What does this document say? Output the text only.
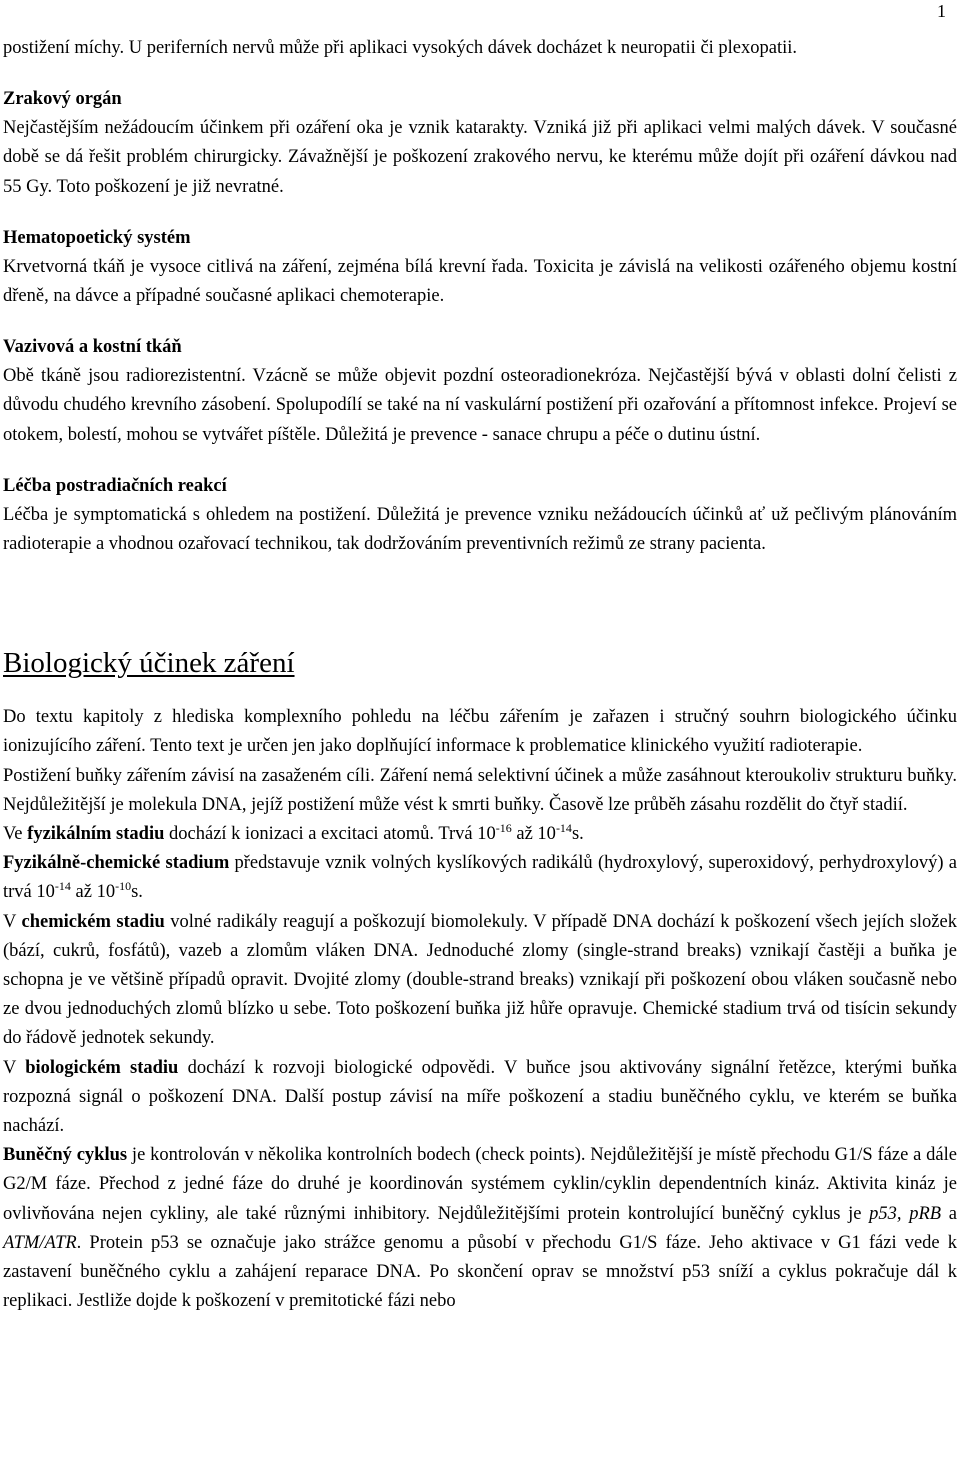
1

postižení míchy. U periferních nervů může při aplikaci vysokých dávek docházet k neuropatii či plexopatii.

Zrakový orgán

Nejčastějším nežádoucím účinkem při ozáření oka je vznik katarakty. Vzniká již při aplikaci velmi malých dávek. V současné době se dá řešit problém chirurgicky. Závažnější je poškození zrakového nervu, ke kterému může dojít při ozáření dávkou nad 55 Gy. Toto poškození je již nevratné.

Hematopoetický systém

Krvetvorná tkáň je vysoce citlivá na záření, zejména bílá krevní řada. Toxicita je závislá na velikosti ozářeného objemu kostní dřeně, na dávce a případné současné aplikaci chemoterapie.

Vazivová a kostní tkáň

Obě tkáně jsou radiorezistentní. Vzácně se může objevit pozdní osteoradionekróza. Nejčastější bývá v oblasti dolní čelisti z důvodu chudého krevního zásobení. Spolupodílí se také na ní vaskulární postižení při ozařování a přítomnost infekce. Projeví se otokem, bolestí, mohou se vytvářet píštěle. Důležitá je prevence - sanace chrupu a péče o dutinu ústní.

Léčba postradiačních reakcí

Léčba je symptomatická s ohledem na postižení. Důležitá je prevence vzniku nežádoucích účinků ať už pečlivým plánováním radioterapie a vhodnou ozařovací technikou, tak dodržováním preventivních režimů ze strany pacienta.

Biologický účinek záření

Do textu kapitoly z hlediska komplexního pohledu na léčbu zářením je zařazen i stručný souhrn biologického účinku ionizujícího záření. Tento text je určen jen jako doplňující informace k problematice klinického využití radioterapie.

Postižení buňky zářením závisí na zasaženém cíli. Záření nemá selektivní účinek a může zasáhnout kteroukoliv strukturu buňky. Nejdůležitější je molekula DNA, jejíž postižení může vést k smrti buňky. Časově lze průběh zásahu rozdělit do čtyř stadií.

Ve fyzikálním stadiu dochází k ionizaci a excitaci atomů. Trvá $10^{-16}$ až $10^{-14}s$.

Fyzikálně-chemické stadium představuje vznik volných kyslíkových radikálů (hydroxylový, superoxidový, perhydroxylový) a trvá $10^{-14}$ až $10^{-10}s$.

V chemickém stadiu volné radikály reagují a poškozují biomolekuly. V případě DNA dochází k poškození všech jejích složek (bází, cukrů, fosfátů), vazeb a zlomům vláken DNA. Jednoduché zlomy (single-strand breaks) vznikají častěji a buňka je schopna je ve většině případů opravit. Dvojité zlomy (double-strand breaks) vznikají při poškození obou vláken současně nebo ze dvou jednoduchých zlomů blízko u sebe. Toto poškození buňka již hůře opravuje. Chemické stadium trvá od tisícin sekundy do řádově jednotek sekundy.

V biologickém stadiu dochází k rozvoji biologické odpovědi. V buňce jsou aktivovány signální řetězce, kterými buňka rozpozná signál o poškození DNA. Další postup závisí na míře poškození a stadiu buněčného cyklu, ve kterém se buňka nachází.

Buněčný cyklus je kontrolován v několika kontrolních bodech (check points). Nejdůležitější je místě přechodu G1/S fáze a dále G2/M fáze. Přechod z jedné fáze do druhé je koordinován systémem cyklin/cyklin dependentních kináz. Aktivita kináz je ovlivňována nejen cykliny, ale také různými inhibitory. Nejdůležitějšími protein kontrolující buněčný cyklus je p53, pRB a ATM/ATR. Protein p53 se označuje jako strážce genomu a působí v přechodu G1/S fáze. Jeho aktivace v G1 fázi vede k zastavení buněčného cyklu a zahájení reparace DNA. Po skončení oprav se množství p53 sníží a cyklus pokračuje dál k replikaci. Jestliže dojde k poškození v premitotické fázi nebo
